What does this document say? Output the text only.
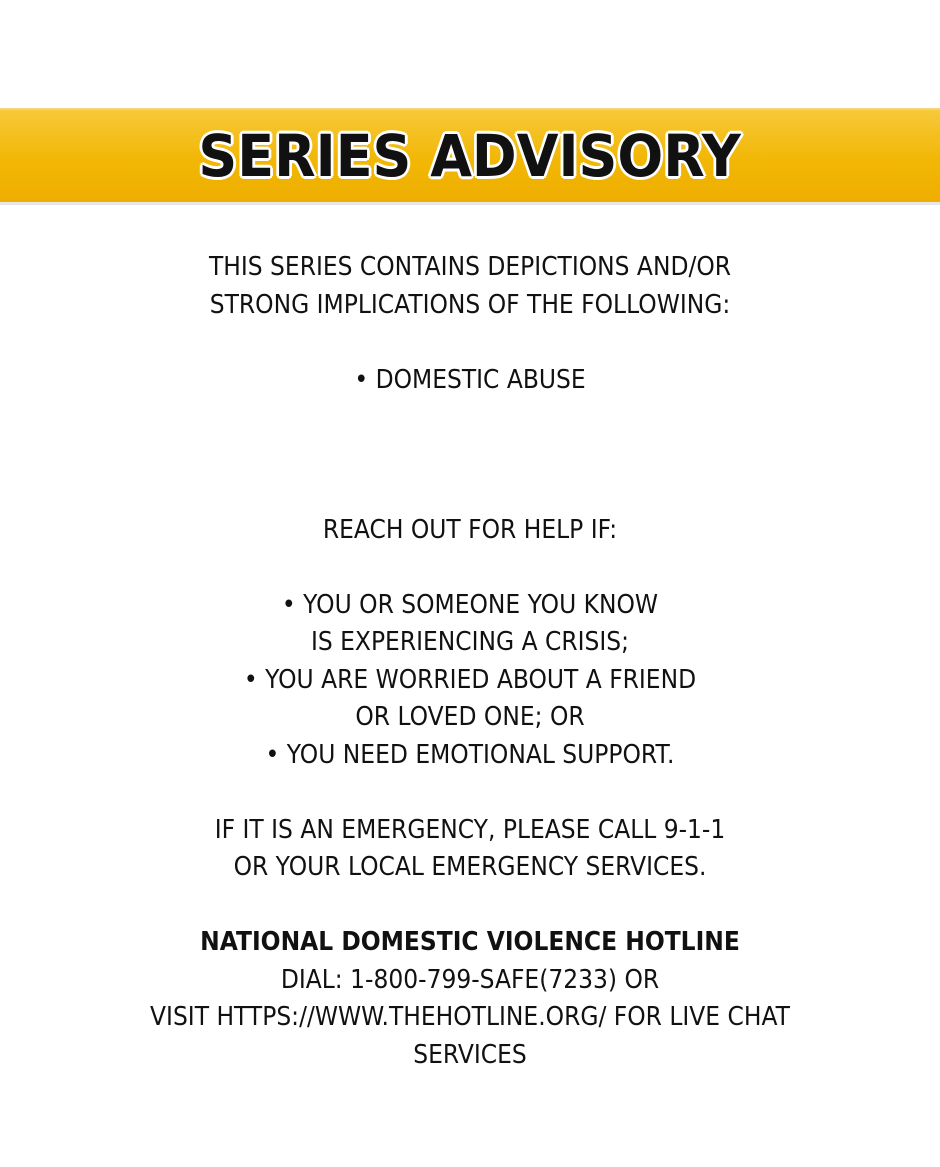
SERIES ADVISORY
THIS SERIES CONTAINS DEPICTIONS AND/OR
STRONG IMPLICATIONS OF THE FOLLOWING:
• DOMESTIC ABUSE
REACH OUT FOR HELP IF:
• YOU OR SOMEONE YOU KNOW
IS EXPERIENCING A CRISIS;
• YOU ARE WORRIED ABOUT A FRIEND
OR LOVED ONE; OR
• YOU NEED EMOTIONAL SUPPORT.
IF IT IS AN EMERGENCY, PLEASE CALL 9-1-1
OR YOUR LOCAL EMERGENCY SERVICES.
NATIONAL DOMESTIC VIOLENCE HOTLINE
DIAL: 1-800-799-SAFE(7233) OR
VISIT HTTPS://WWW.THEHOTLINE.ORG/ FOR LIVE CHAT
SERVICES
